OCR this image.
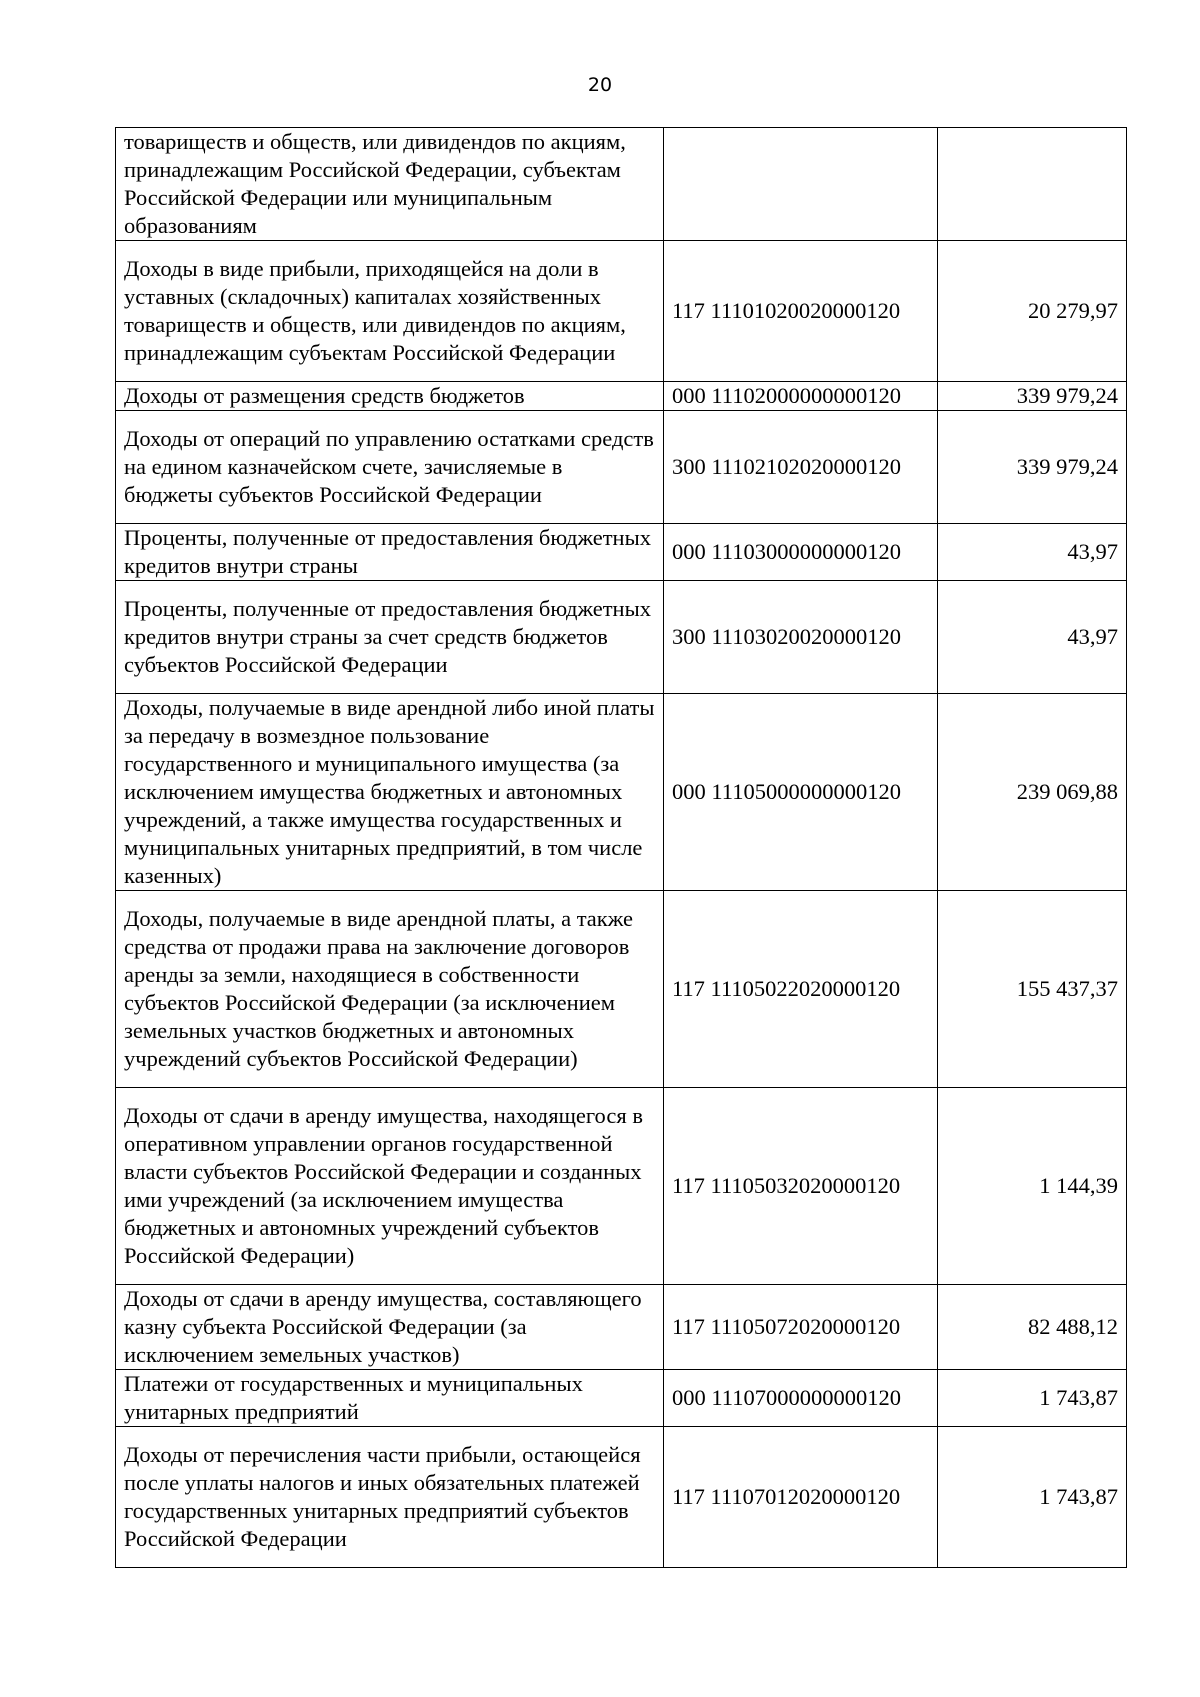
20
товариществ и обществ, или дивидендов по акциям, принадлежащим Российской Федерации, субъектам Российской Федерации или муниципальным образованиям		
Доходы в виде прибыли, приходящейся на доли в уставных (складочных) капиталах хозяйственных товариществ и обществ, или дивидендов по акциям, принадлежащим субъектам Российской Федерации	117 11101020020000120	20 279,97
Доходы от размещения средств бюджетов	000 11102000000000120	339 979,24
Доходы от операций по управлению остатками средств на едином казначейском счете, зачисляемые в бюджеты субъектов Российской Федерации	300 11102102020000120	339 979,24
Проценты, полученные от предоставления бюджетных кредитов внутри страны	000 11103000000000120	43,97
Проценты, полученные от предоставления бюджетных кредитов внутри страны за счет средств бюджетов субъектов Российской Федерации	300 11103020020000120	43,97
Доходы, получаемые в виде арендной либо иной платы за передачу в возмездное пользование государственного и муниципального имущества (за исключением имущества бюджетных и автономных учреждений, а также имущества государственных и муниципальных унитарных предприятий, в том числе казенных)	000 11105000000000120	239 069,88
Доходы, получаемые в виде арендной платы, а также средства от продажи права на заключение договоров аренды за земли, находящиеся в собственности субъектов Российской Федерации (за исключением земельных участков бюджетных и автономных учреждений субъектов Российской Федерации)	117 11105022020000120	155 437,37
Доходы от сдачи в аренду имущества, находящегося в оперативном управлении органов государственной власти субъектов Российской Федерации и созданных ими учреждений (за исключением имущества бюджетных и автономных учреждений субъектов Российской Федерации)	117 11105032020000120	1 144,39
Доходы от сдачи в аренду имущества, составляющего казну субъекта Российской Федерации (за исключением земельных участков)	117 11105072020000120	82 488,12
Платежи от государственных и муниципальных унитарных предприятий	000 11107000000000120	1 743,87
Доходы от перечисления части прибыли, остающейся после уплаты налогов и иных обязательных платежей государственных унитарных предприятий субъектов Российской Федерации	117 11107012020000120	1 743,87
